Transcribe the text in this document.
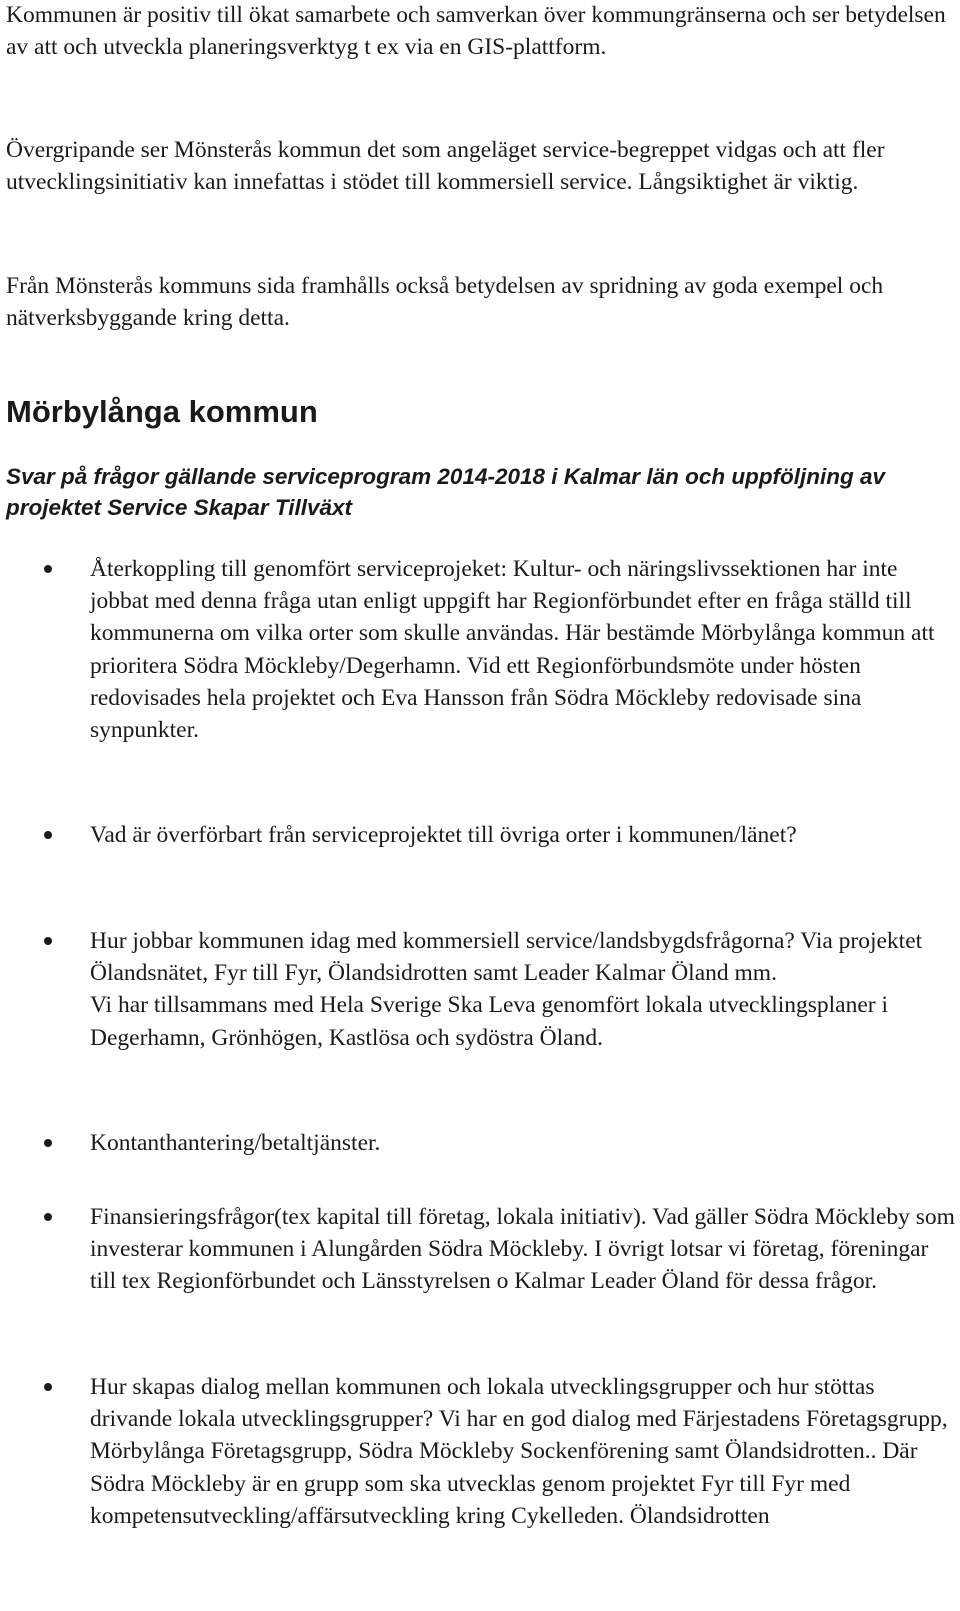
Kommunen är positiv till ökat samarbete och samverkan över kommungränserna och ser betydelsen av att och utveckla planeringsverktyg t ex via en GIS-plattform.

Övergripande ser Mönsterås kommun det som angeläget service-begreppet vidgas och att fler utvecklingsinitiativ kan innefattas i stödet till kommersiell service. Långsiktighet är viktig.

Från Mönsterås kommuns sida framhålls också betydelsen av spridning av goda exempel och nätverksbyggande kring detta.

Mörbylånga kommun
Svar på frågor gällande serviceprogram 2014-2018 i Kalmar län och uppföljning av projektet Service Skapar Tillväxt

Återkoppling till genomfört serviceprojeket: Kultur- och näringslivssektionen har inte jobbat med denna fråga utan enligt uppgift har Regionförbundet efter en fråga ställd till kommunerna om vilka orter som skulle användas. Här bestämde Mörbylånga kommun att prioritera Södra Möckleby/Degerhamn. Vid ett Regionförbundsmöte under hösten redovisades hela projektet och Eva Hansson från Södra Möckleby redovisade sina synpunkter.

Vad är överförbart från serviceprojektet till övriga orter i kommunen/länet?

Hur jobbar kommunen idag med kommersiell service/landsbygdsfrågorna? Via projektet Ölandsnätet, Fyr till Fyr, Ölandsidrotten samt Leader Kalmar Öland mm.

Vi har tillsammans med Hela Sverige Ska Leva genomfört lokala utvecklingsplaner i Degerhamn, Grönhögen, Kastlösa och sydöstra Öland.

Kontanthantering/betaltjänster.

Finansieringsfrågor(tex kapital till företag, lokala initiativ). Vad gäller Södra Möckleby som investerar kommunen i Alungården Södra Möckleby. I övrigt lotsar vi företag, föreningar till tex Regionförbundet och Länsstyrelsen o Kalmar Leader Öland för dessa frågor.

Hur skapas dialog mellan kommunen och lokala utvecklingsgrupper och hur stöttas drivande lokala utvecklingsgrupper? Vi har en god dialog med Färjestadens Företagsgrupp, Mörbylånga Företagsgrupp, Södra Möckleby Sockenförening samt Ölandsidrotten.. Där Södra Möckleby är en grupp som ska utvecklas genom projektet Fyr till Fyr med kompetensutveckling/affärsutveckling kring Cykelleden. Ölandsidrotten
